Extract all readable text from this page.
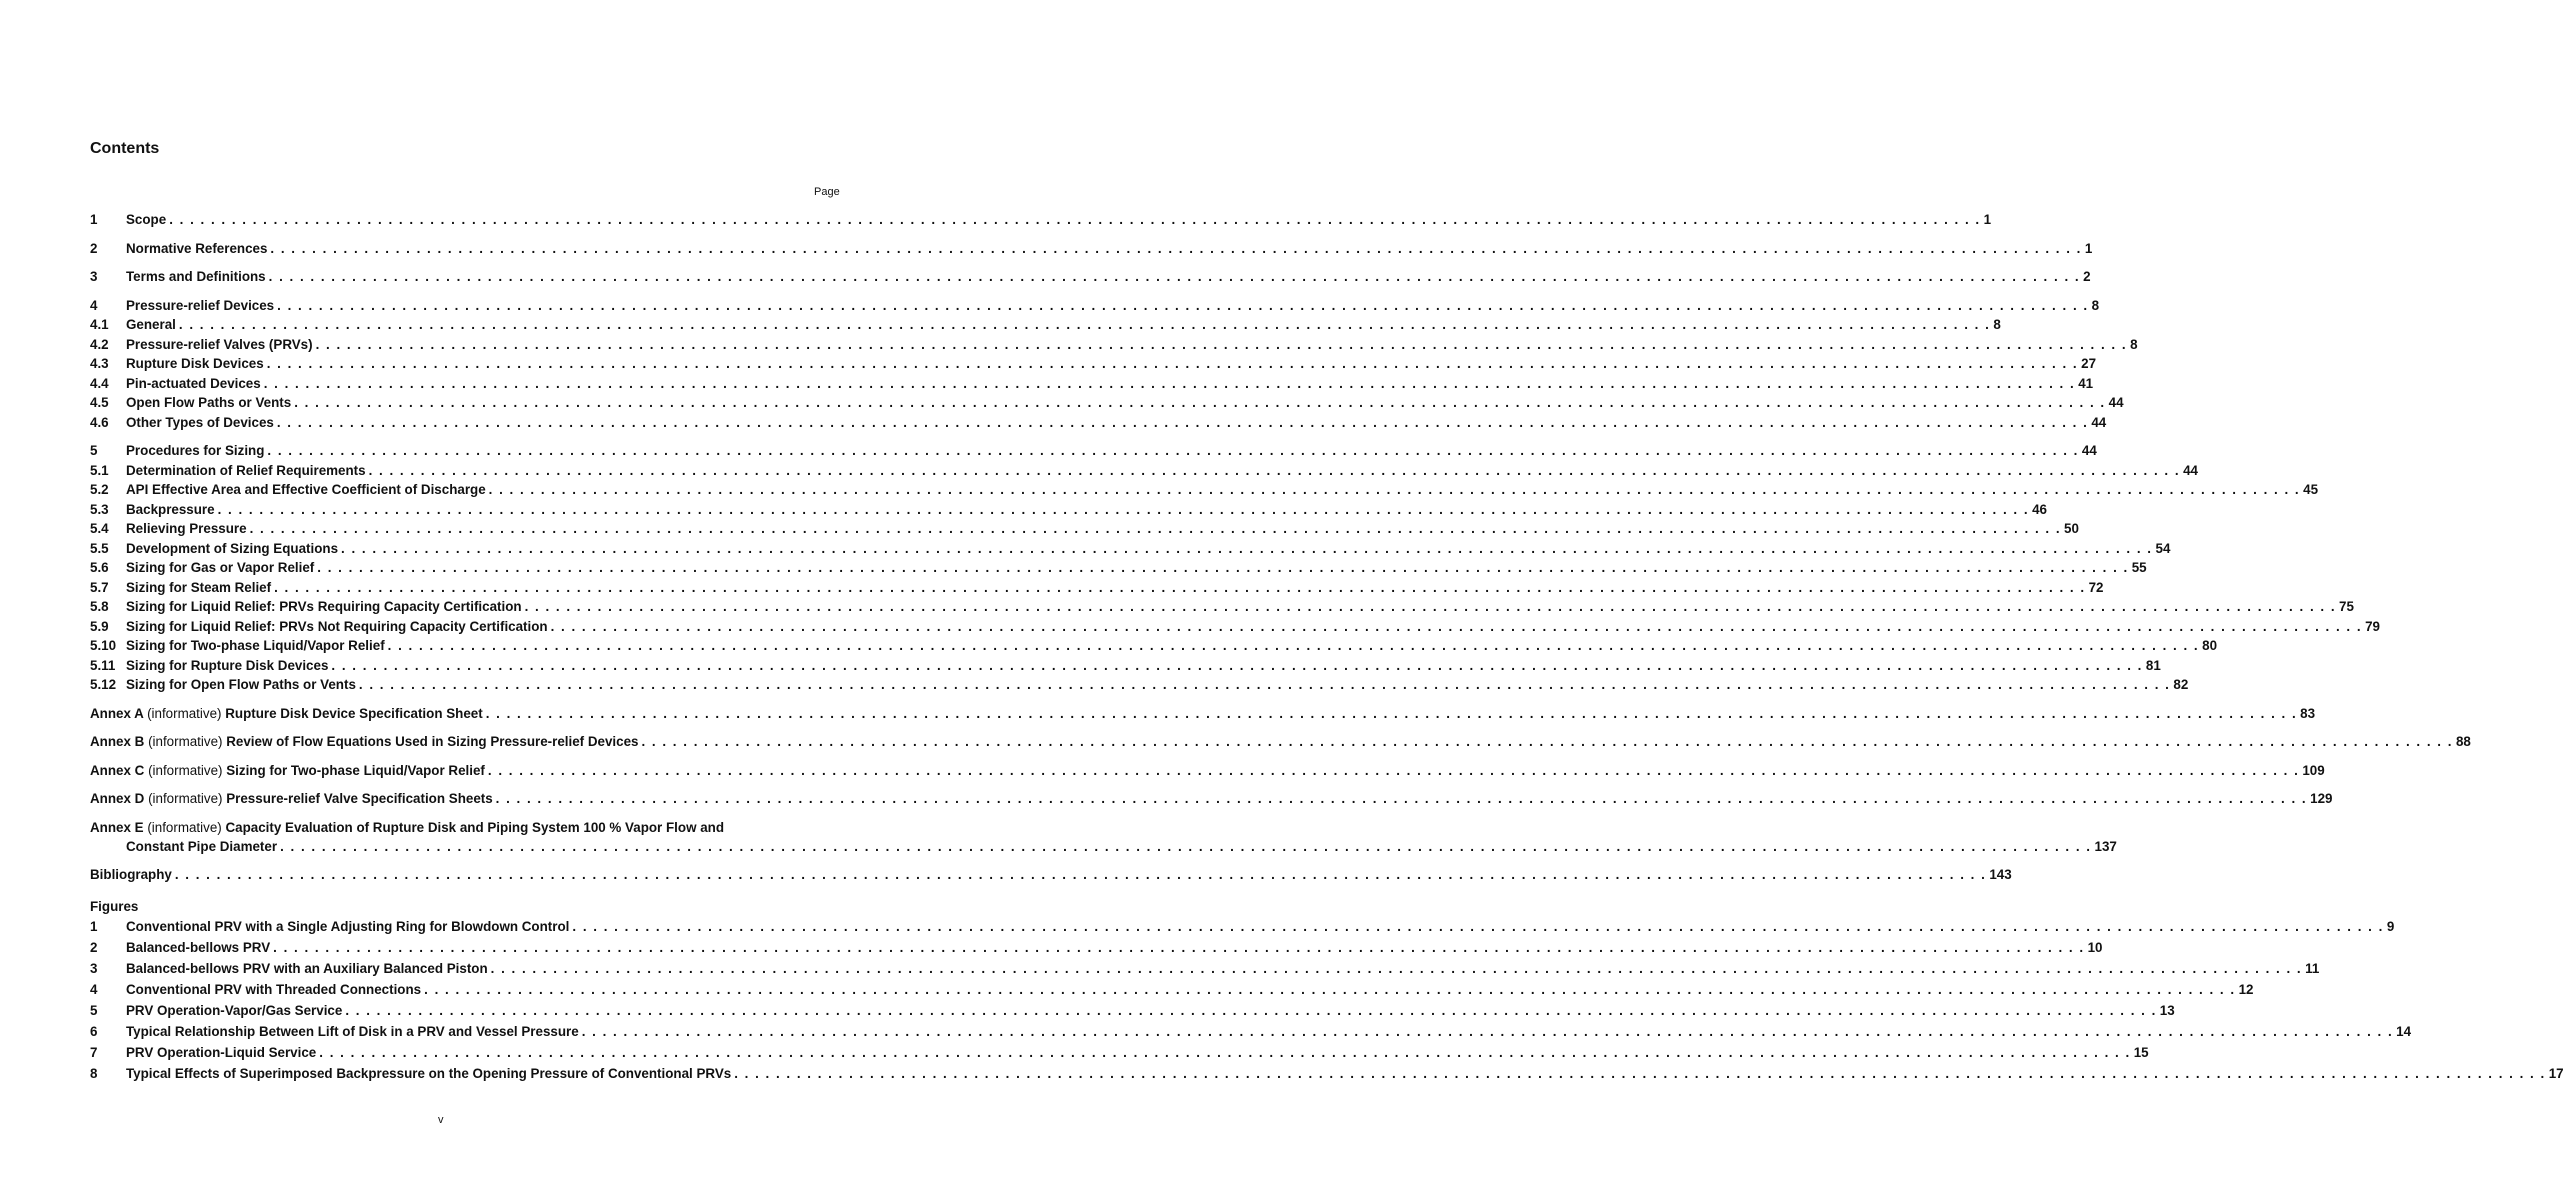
Contents
Page
1	Scope . . .	1
2	Normative References . . .	1
3	Terms and Definitions . . .	2
4	Pressure-relief Devices . . .	8
4.1	General . . .	8
4.2	Pressure-relief Valves (PRVs) . . .	8
4.3	Rupture Disk Devices . . .	27
4.4	Pin-actuated Devices . . .	41
4.5	Open Flow Paths or Vents . . .	44
4.6	Other Types of Devices . . .	44
5	Procedures for Sizing . . .	44
5.1	Determination of Relief Requirements . . .	44
5.2	API Effective Area and Effective Coefficient of Discharge . . .	45
5.3	Backpressure . . .	46
5.4	Relieving Pressure . . .	50
5.5	Development of Sizing Equations . . .	54
5.6	Sizing for Gas or Vapor Relief . . .	55
5.7	Sizing for Steam Relief . . .	72
5.8	Sizing for Liquid Relief: PRVs Requiring Capacity Certification . . .	75
5.9	Sizing for Liquid Relief: PRVs Not Requiring Capacity Certification . . .	79
5.10 Sizing for Two-phase Liquid/Vapor Relief . . .	80
5.11 Sizing for Rupture Disk Devices . . .	81
5.12 Sizing for Open Flow Paths or Vents . . .	82
Annex A (informative) Rupture Disk Device Specification Sheet . . .	83
Annex B (informative) Review of Flow Equations Used in Sizing Pressure-relief Devices . . .	88
Annex C (informative) Sizing for Two-phase Liquid/Vapor Relief . . .	109
Annex D (informative) Pressure-relief Valve Specification Sheets . . .	129
Annex E (informative) Capacity Evaluation of Rupture Disk and Piping System 100 % Vapor Flow and
Constant Pipe Diameter . . .	137
Bibliography . . .	143
Figures
1	Conventional PRV with a Single Adjusting Ring for Blowdown Control . . .	9
2	Balanced-bellows PRV . . .	10
3	Balanced-bellows PRV with an Auxiliary Balanced Piston . . .	11
4	Conventional PRV with Threaded Connections . . .	12
5	PRV Operation-Vapor/Gas Service . . .	13
6	Typical Relationship Between Lift of Disk in a PRV and Vessel Pressure . . .	14
7	PRV Operation-Liquid Service . . .	15
8	Typical Effects of Superimposed Backpressure on the Opening Pressure of Conventional PRVs . . .	17
v
